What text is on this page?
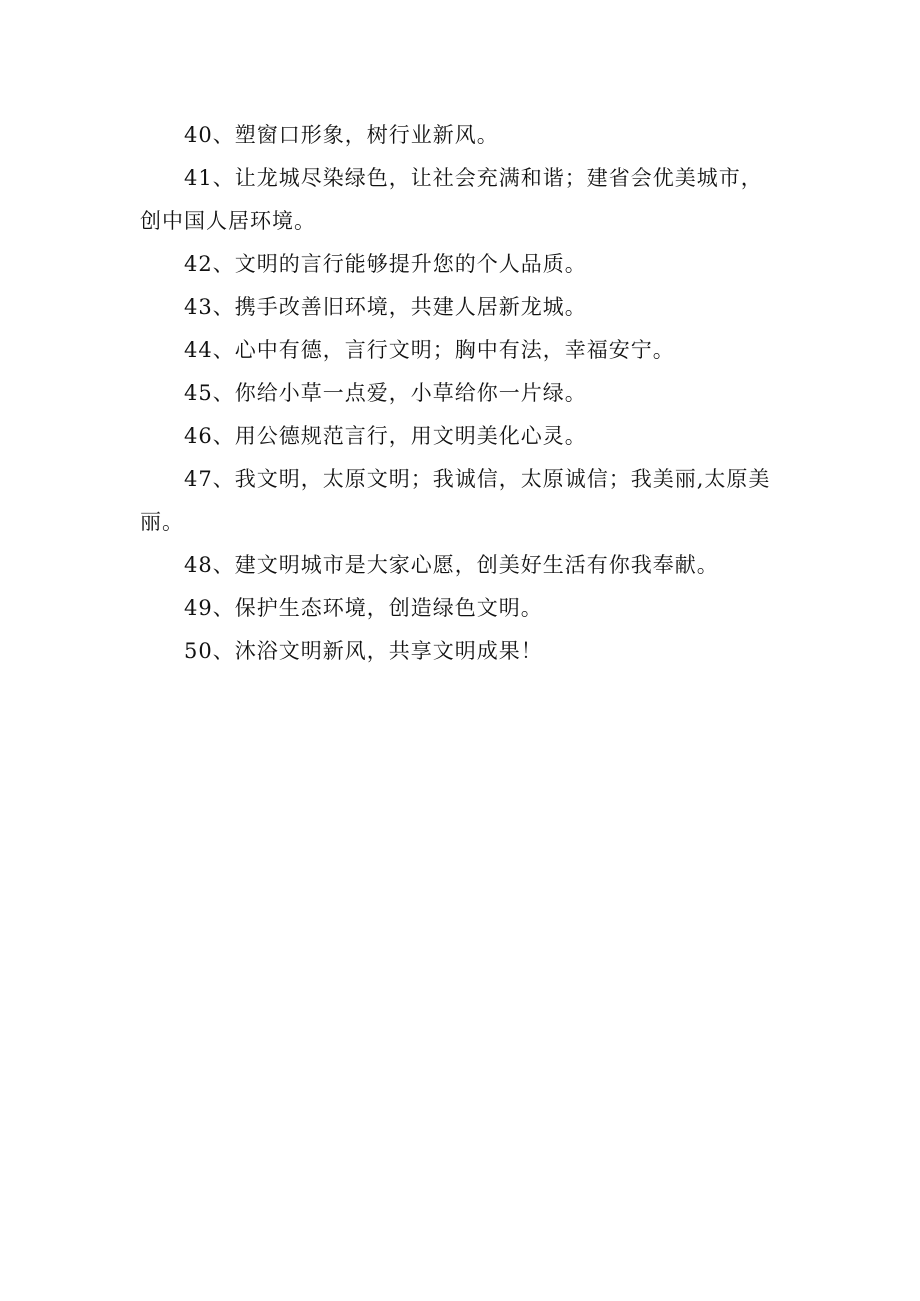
40、塑窗口形象，树行业新风。

41、让龙城尽染绿色，让社会充满和谐；建省会优美城市，创中国人居环境。

42、文明的言行能够提升您的个人品质。

43、携手改善旧环境，共建人居新龙城。

44、心中有德，言行文明；胸中有法，幸福安宁。

45、你给小草一点爱，小草给你一片绿。

46、用公德规范言行，用文明美化心灵。

47、我文明，太原文明；我诚信，太原诚信；我美丽,太原美丽。

48、建文明城市是大家心愿，创美好生活有你我奉献。

49、保护生态环境，创造绿色文明。

50、沐浴文明新风，共享文明成果！
